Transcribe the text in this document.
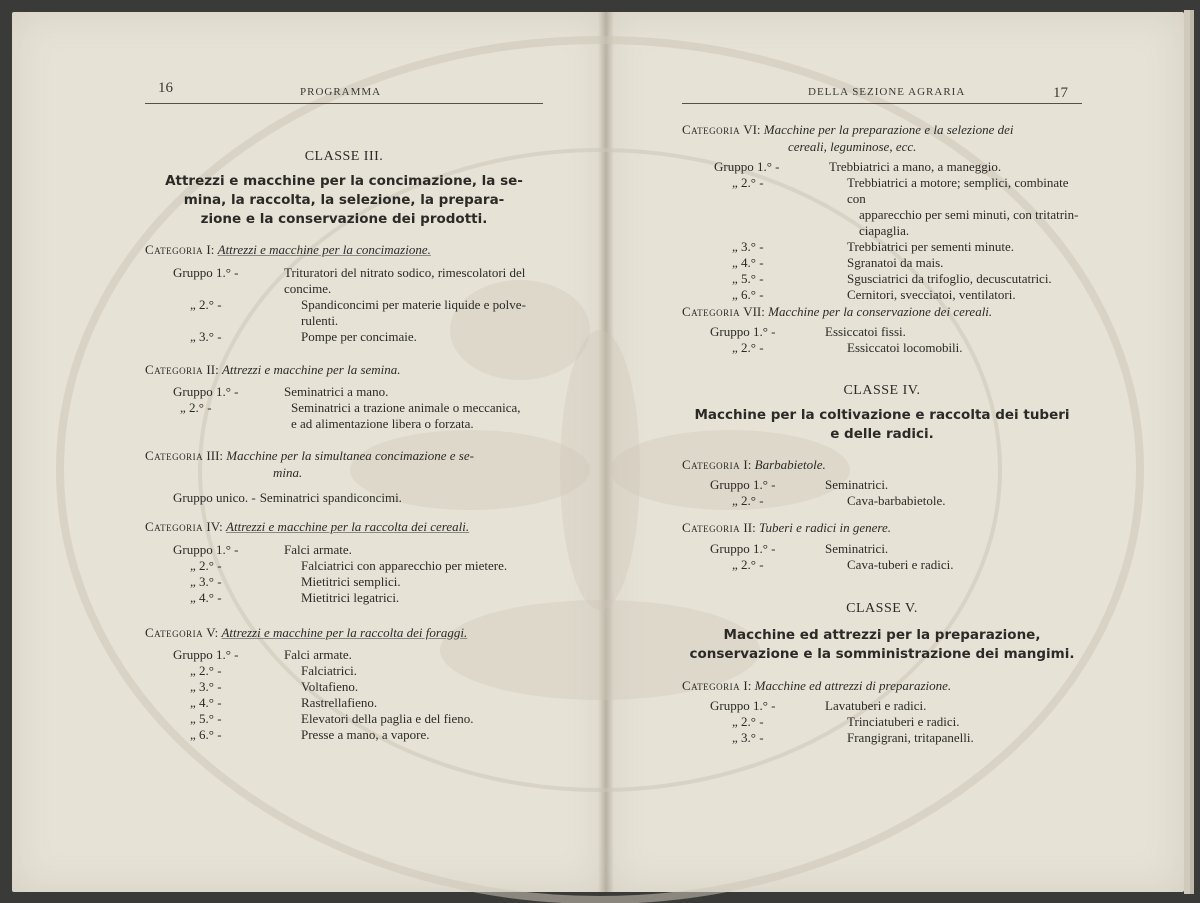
16	PROGRAMMA
CLASSE III.
Attrezzi e macchine per la concimazione, la se-
mina, la raccolta, la selezione, la prepara-
zione e la conservazione dei prodotti.
Categoria I: Attrezzi e macchine per la concimazione.
Gruppo 1.° -	Trituratori del nitrato sodico, rimescolatori del
concime.
„ 2.° -	Spandiconcimi per materie liquide e polve-
rulenti.
„ 3.° -	Pompe per concimaie.
Categoria II: Attrezzi e macchine per la semina.
Gruppo 1.° -	Seminatrici a mano.
„ 2.° -	Seminatrici a trazione animale o meccanica,
e ad alimentazione libera o forzata.
Categoria III: Macchine per la simultanea concimazione e se-
mina.
Gruppo unico. - Seminatrici spandiconcimi.
Categoria IV: Attrezzi e macchine per la raccolta dei cereali.
Gruppo 1.° -	Falci armate.
„ 2.° -	Falciatrici con apparecchio per mietere.
„ 3.° -	Mietitrici semplici.
„ 4.° -	Mietitrici legatrici.
Categoria V: Attrezzi e macchine per la raccolta dei foraggi.
Gruppo 1.° -	Falci armate.
„ 2.° -	Falciatrici.
„ 3.° -	Voltafieno.
„ 4.° -	Rastrellafieno.
„ 5.° -	Elevatori della paglia e del fieno.
„ 6.° -	Presse a mano, a vapore.
DELLA SEZIONE AGRARIA	17
Categoria VI: Macchine per la preparazione e la selezione dei
cereali, leguminose, ecc.
Gruppo 1.° -	Trebbiatrici a mano, a maneggio.
„ 2.° -	Trebbiatrici a motore; semplici, combinate con
apparecchio per semi minuti, con tritatrin-
ciapaglia.
„ 3.° -	Trebbiatrici per sementi minute.
„ 4.° -	Sgranatoi da mais.
„ 5.° -	Sgusciatrici da trifoglio, decuscutatrici.
„ 6.° -	Cernitori, svecciatoi, ventilatori.
Categoria VII: Macchine per la conservazione dei cereali.
Gruppo 1.° -	Essiccatoi fissi.
„ 2.° -	Essiccatoi locomobili.
CLASSE IV.
Macchine per la coltivazione e raccolta dei tuberi
e delle radici.
Categoria I: Barbabietole.
Gruppo 1.° -	Seminatrici.
„ 2.° -	Cava-barbabietole.
Categoria II: Tuberi e radici in genere.
Gruppo 1.° -	Seminatrici.
„ 2.° -	Cava-tuberi e radici.
CLASSE V.
Macchine ed attrezzi per la preparazione,
conservazione e la somministrazione dei mangimi.
Categoria I: Macchine ed attrezzi di preparazione.
Gruppo 1.° -	Lavatuberi e radici.
„ 2.° -	Trinciatuberi e radici.
„ 3.° -	Frangigrani, tritapanelli.
